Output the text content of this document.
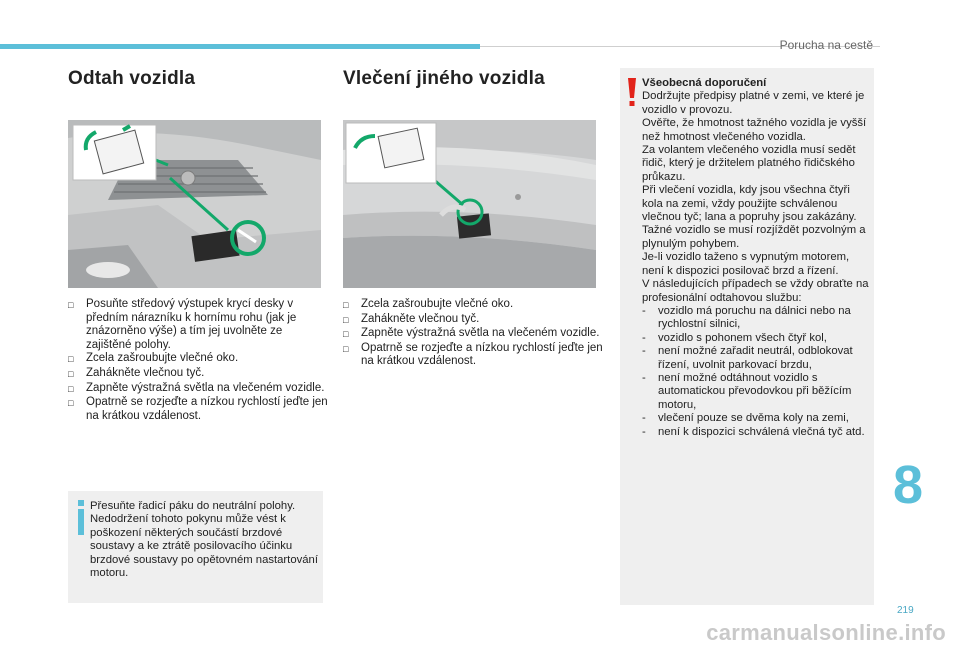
Porucha na cestě
Odtah vozidla
□	Posuňte středový výstupek krycí desky v předním nárazníku k hornímu rohu (jak je znázorněno výše) a tím jej uvolněte ze zajištěné polohy.
□	Zcela zašroubujte vlečné oko.
□	Zahákněte vlečnou tyč.
□	Zapněte výstražná světla na vlečeném vozidle.
□	Opatrně se rozjeďte a nízkou rychlostí jeďte jen na krátkou vzdálenost.
Přesuňte řadicí páku do neutrální polohy. Nedodržení tohoto pokynu může vést k poškození některých součástí brzdové soustavy a ke ztrátě posilovacího účinku brzdové soustavy po opětovném nastartování motoru.
Vlečení jiného vozidla
□	Zcela zašroubujte vlečné oko.
□	Zahákněte vlečnou tyč.
□	Zapněte výstražná světla na vlečeném vozidle.
□	Opatrně se rozjeďte a nízkou rychlostí jeďte jen na krátkou vzdálenost.
Všeobecná doporučení
Dodržujte předpisy platné v zemi, ve které je vozidlo v provozu.
Ověřte, že hmotnost tažného vozidla je vyšší než hmotnost vlečeného vozidla.
Za volantem vlečeného vozidla musí sedět řidič, který je držitelem platného řidičského průkazu.
Při vlečení vozidla, kdy jsou všechna čtyři kola na zemi, vždy použijte schválenou vlečnou tyč; lana a popruhy jsou zakázány.
Tažné vozidlo se musí rozjíždět pozvolným a plynulým pohybem.
Je-li vozidlo taženo s vypnutým motorem, není k dispozici posilovač brzd a řízení.
V následujících případech se vždy obraťte na profesionální odtahovou službu:
-	vozidlo má poruchu na dálnici nebo na rychlostní silnici,
-	vozidlo s pohonem všech čtyř kol,
-	není možné zařadit neutrál, odblokovat řízení, uvolnit parkovací brzdu,
-	není možné odtáhnout vozidlo s automatickou převodovkou při běžícím motoru,
-	vlečení pouze se dvěma koly na zemi,
-	není k dispozici schválená vlečná tyč atd.
8
219
carmanualsonline.info
